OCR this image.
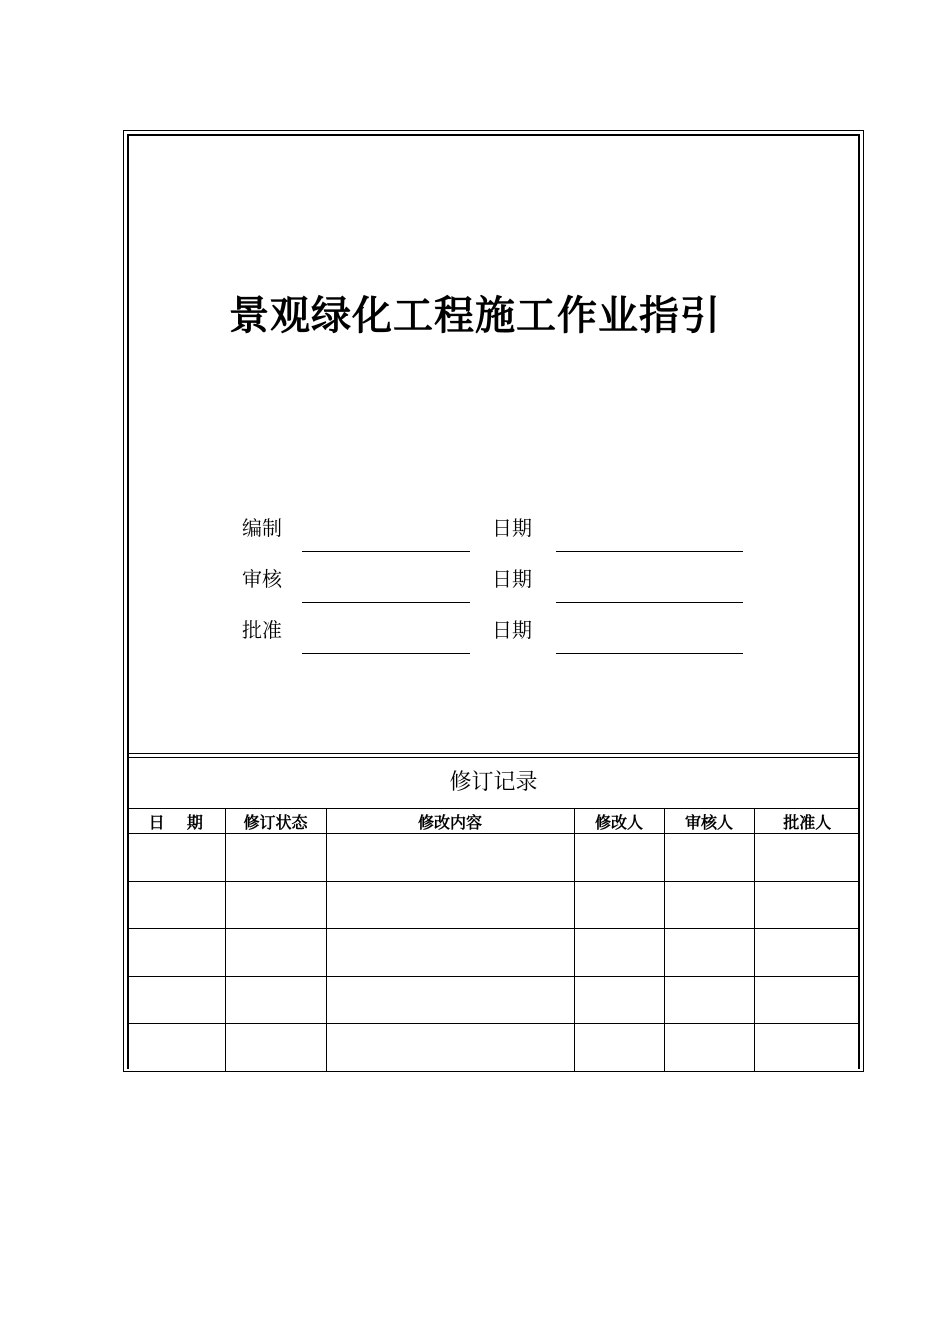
景观绿化工程施工作业指引
编制	日期
审核	日期
批准	日期
修订记录
日    期	修订状态	修改内容	修改人	审核人	批准人
